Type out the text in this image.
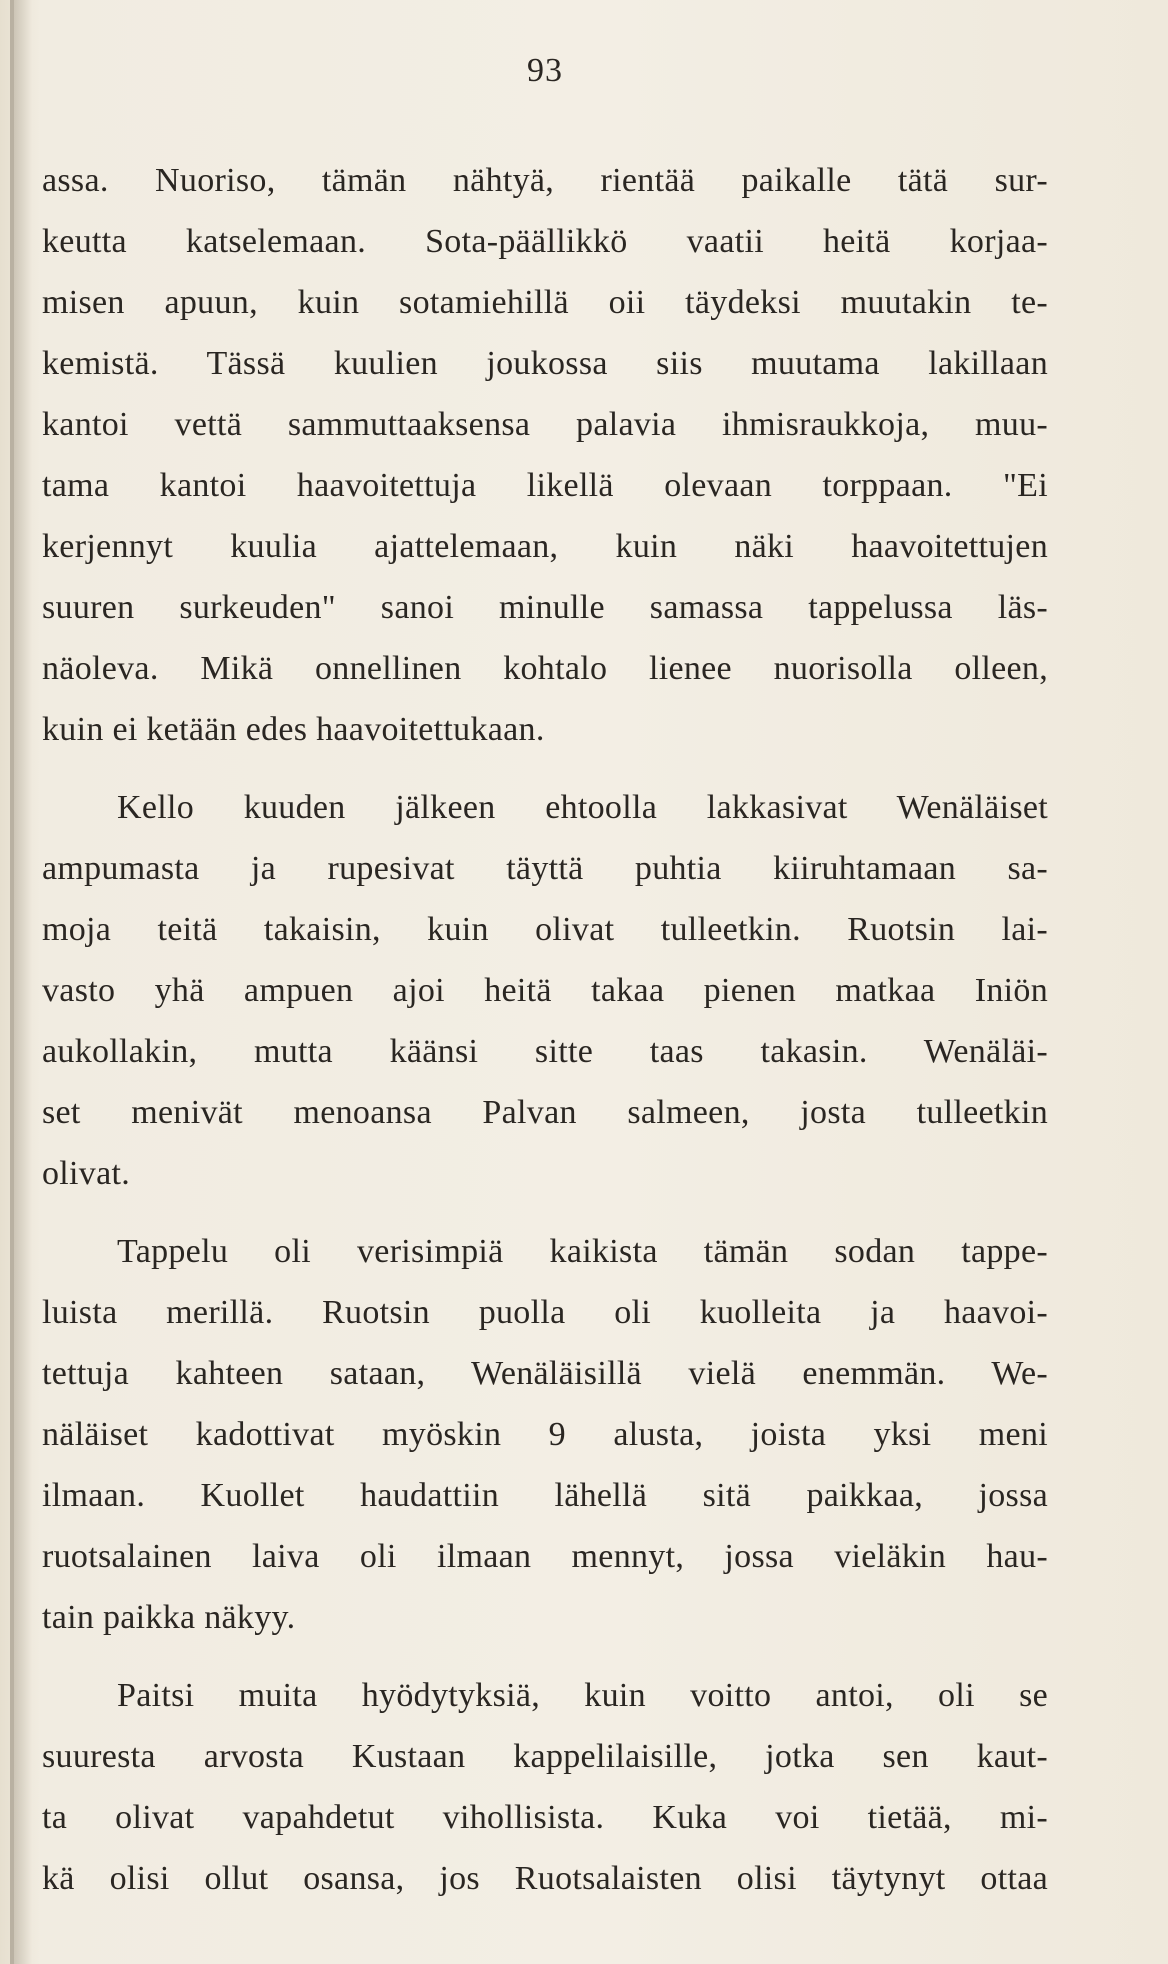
93
assa. Nuoriso, tämän nähtyä, rientää paikalle tätä sur-
keutta katselemaan. Sota-päällikkö vaatii heitä korjaa-
misen apuun, kuin sotamiehillä oii täydeksi muutakin te-
kemistä. Tässä kuulien joukossa siis muutama lakillaan
kantoi vettä sammuttaaksensa palavia ihmisraukkoja, muu-
tama kantoi haavoitettuja likellä olevaan torppaan. "Ei
kerjennyt kuulia ajattelemaan, kuin näki haavoitettujen
suuren surkeuden" sanoi minulle samassa tappelussa läs-
näoleva. Mikä onnellinen kohtalo lienee nuorisolla olleen,
kuin ei ketään edes haavoitettukaan.
Kello kuuden jälkeen ehtoolla lakkasivat Wenäläiset
ampumasta ja rupesivat täyttä puhtia kiiruhtamaan sa-
moja teitä takaisin, kuin olivat tulleetkin. Ruotsin lai-
vasto yhä ampuen ajoi heitä takaa pienen matkaa Iniön
aukollakin, mutta käänsi sitte taas takasin. Wenäläi-
set menivät menoansa Palvan salmeen, josta tulleetkin
olivat.
Tappelu oli verisimpiä kaikista tämän sodan tappe-
luista merillä. Ruotsin puolla oli kuolleita ja haavoi-
tettuja kahteen sataan, Wenäläisillä vielä enemmän. We-
näläiset kadottivat myöskin 9 alusta, joista yksi meni
ilmaan. Kuollet haudattiin lähellä sitä paikkaa, jossa
ruotsalainen laiva oli ilmaan mennyt, jossa vieläkin hau-
tain paikka näkyy.
Paitsi muita hyödytyksiä, kuin voitto antoi, oli se
suuresta arvosta Kustaan kappelilaisille, jotka sen kaut-
ta olivat vapahdetut vihollisista. Kuka voi tietää, mi-
kä olisi ollut osansa, jos Ruotsalaisten olisi täytynyt ottaa
